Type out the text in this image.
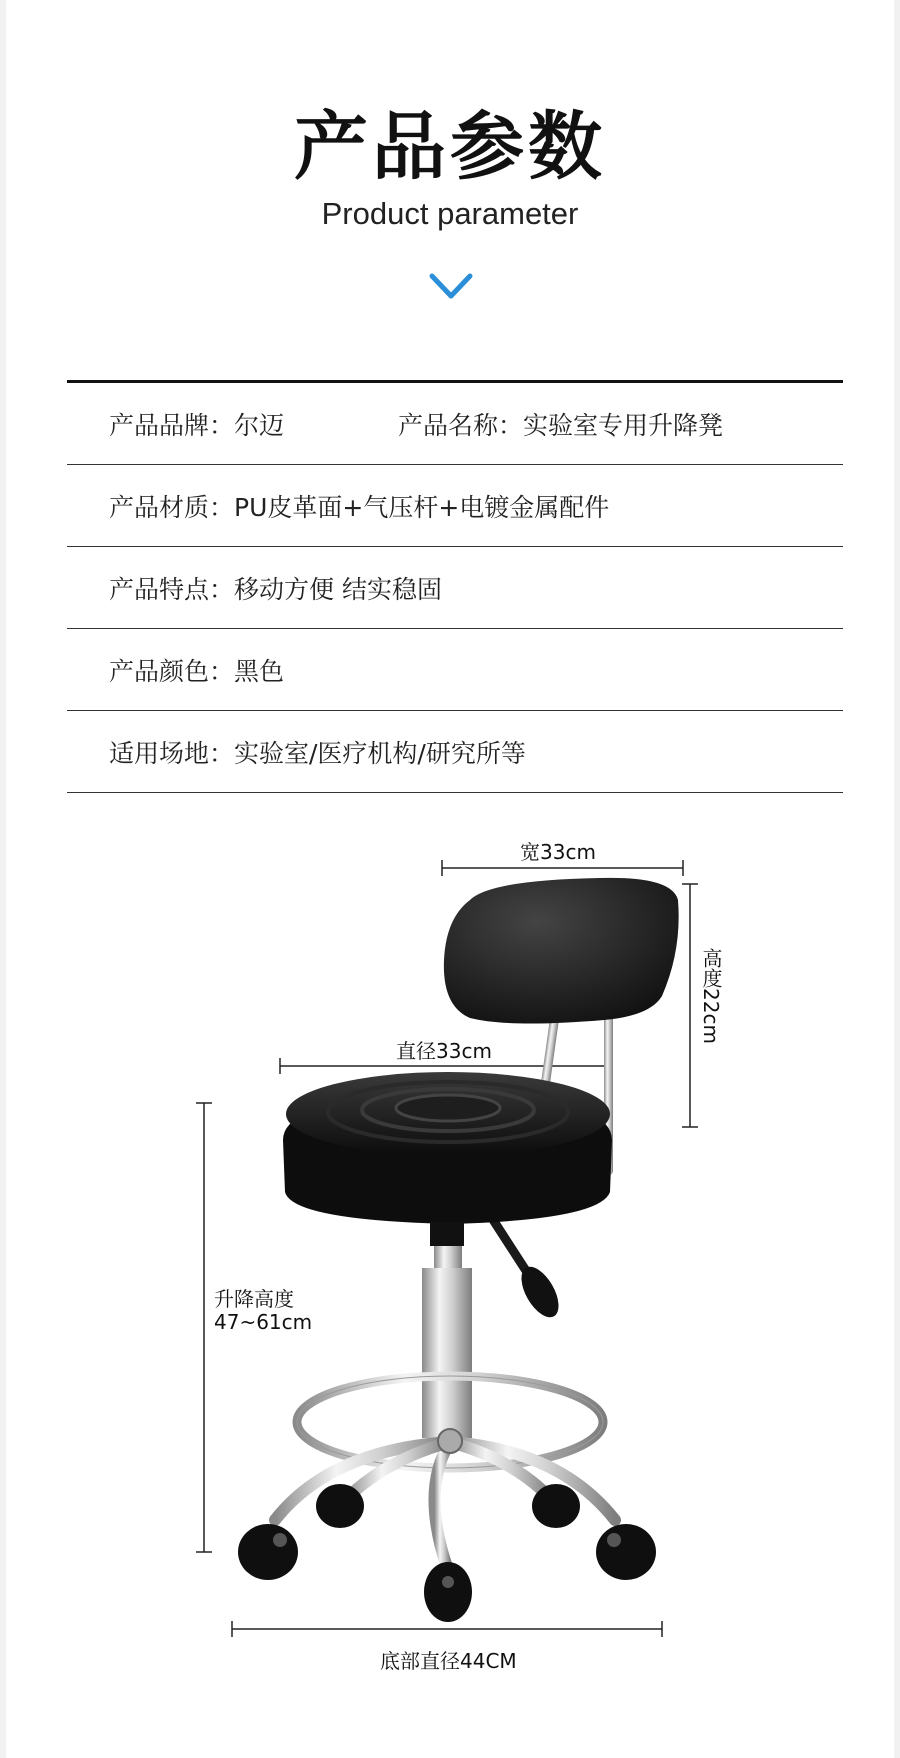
产品参数
Product parameter
产品品牌：尔迈	产品名称：实验室专用升降凳
产品材质：PU皮革面+气压杆+电镀金属配件
产品特点：移动方便 结实稳固
产品颜色：黑色
适用场地：实验室/医疗机构/研究所等
宽33cm
高度22cm
直径33cm
升降高度
47~61cm
底部直径44CM
